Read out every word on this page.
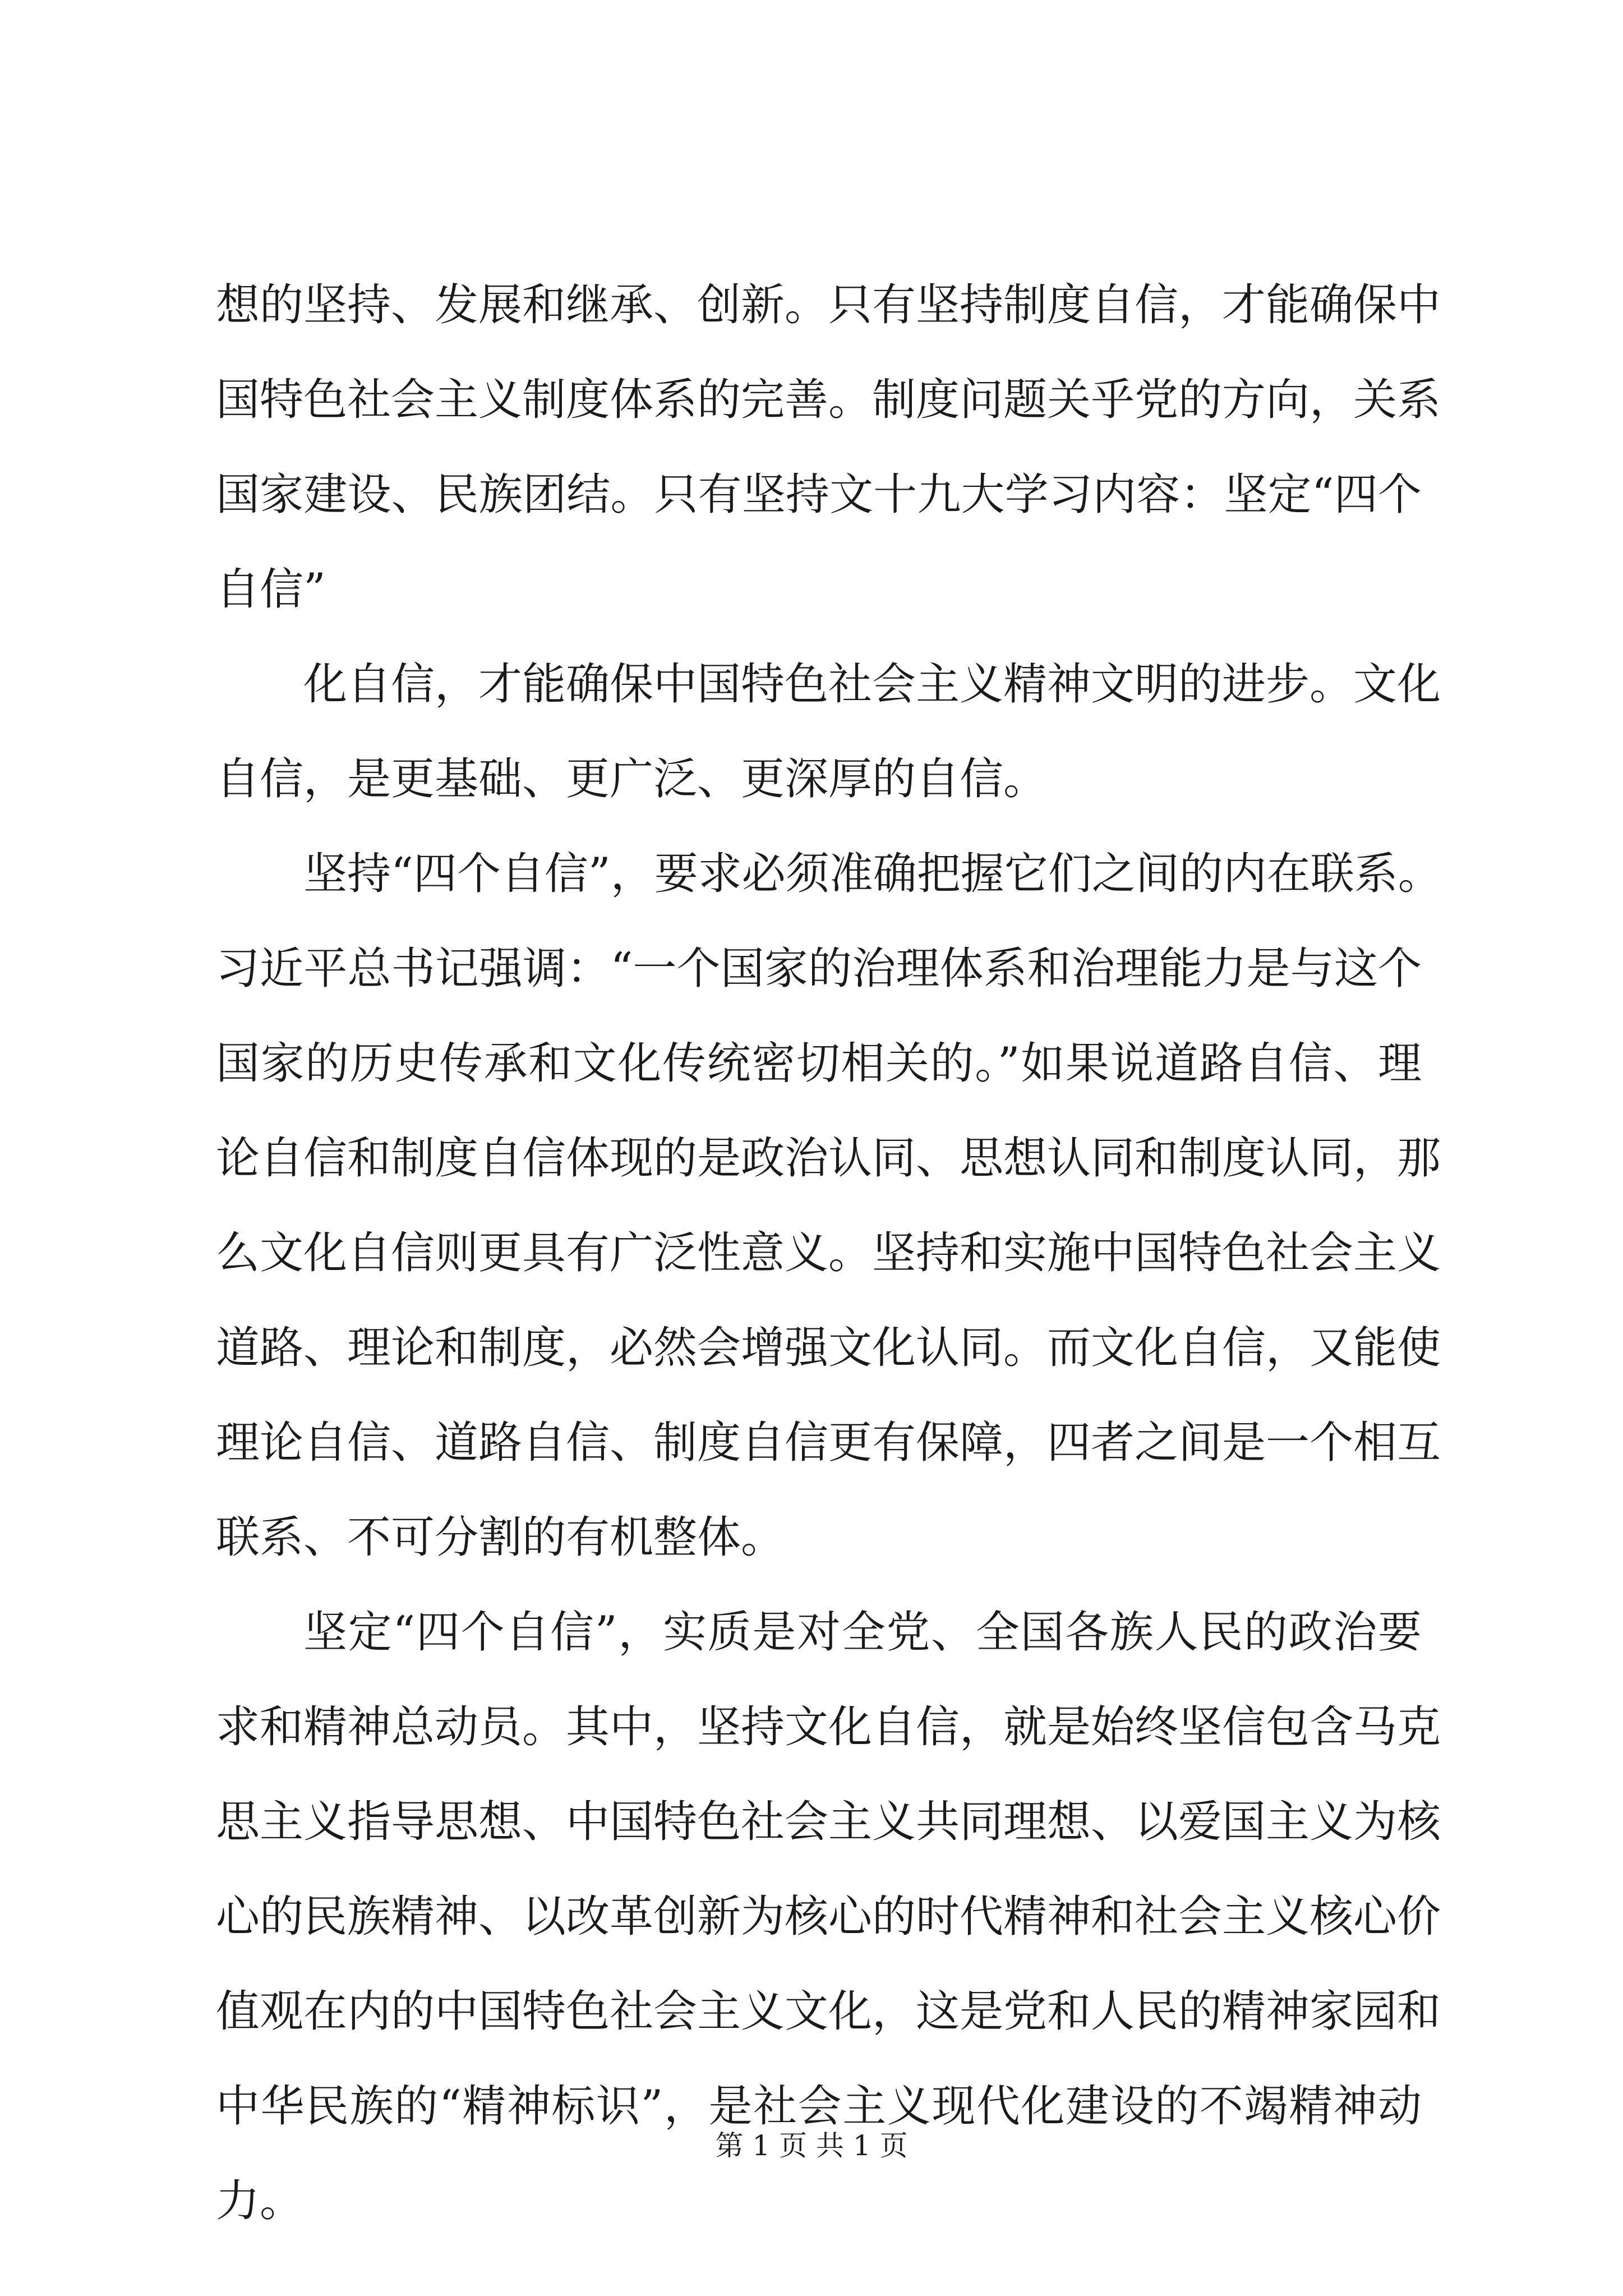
想的坚持、发展和继承、创新。只有坚持制度自信，才能确保中
国特色社会主义制度体系的完善。制度问题关乎党的方向，关系
国家建设、民族团结。只有坚持文十九大学习内容：坚定“四个
自信”
化自信，才能确保中国特色社会主义精神文明的进步。文化
自信，是更基础、更广泛、更深厚的自信。
坚持“四个自信”，要求必须准确把握它们之间的内在联系。
习近平总书记强调：“一个国家的治理体系和治理能力是与这个
国家的历史传承和文化传统密切相关的。”如果说道路自信、理
论自信和制度自信体现的是政治认同、思想认同和制度认同，那
么文化自信则更具有广泛性意义。坚持和实施中国特色社会主义
道路、理论和制度，必然会增强文化认同。而文化自信，又能使
理论自信、道路自信、制度自信更有保障，四者之间是一个相互
联系、不可分割的有机整体。
坚定“四个自信”，实质是对全党、全国各族人民的政治要
求和精神总动员。其中，坚持文化自信，就是始终坚信包含马克
思主义指导思想、中国特色社会主义共同理想、以爱国主义为核
心的民族精神、以改革创新为核心的时代精神和社会主义核心价
值观在内的中国特色社会主义文化，这是党和人民的精神家园和
中华民族的“精神标识”，是社会主义现代化建设的不竭精神动
力。
第 1 页 共 1 页
